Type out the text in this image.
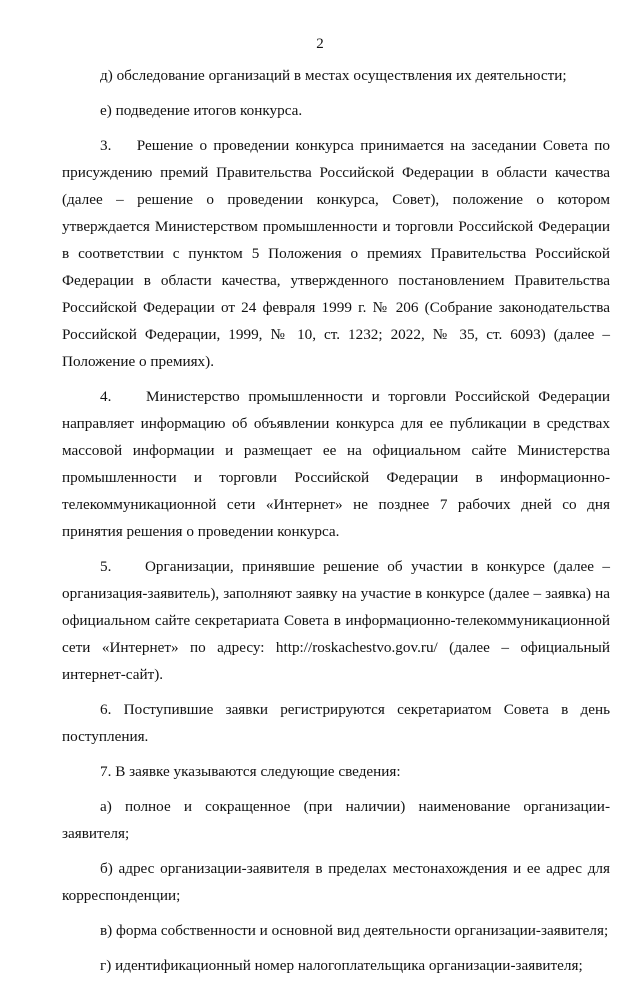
2

д) обследование организаций в местах осуществления их деятельности;

е) подведение итогов конкурса.

3.    Решение о проведении конкурса принимается на заседании Совета по присуждению премий Правительства Российской Федерации в области качества (далее – решение о проведении конкурса, Совет), положение о котором утверждается Министерством промышленности и торговли Российской Федерации в соответствии с пунктом 5 Положения о премиях Правительства Российской Федерации в области качества, утвержденного постановлением Правительства Российской Федерации от 24 февраля 1999 г. № 206 (Собрание законодательства Российской Федерации, 1999, № 10, ст. 1232; 2022, № 35, ст. 6093) (далее – Положение о премиях).

4.    Министерство промышленности и торговли Российской Федерации направляет информацию об объявлении конкурса для ее публикации в средствах массовой информации и размещает ее на официальном сайте Министерства промышленности и торговли Российской Федерации в информационно-телекоммуникационной сети «Интернет» не позднее 7 рабочих дней со дня принятия решения о проведении конкурса.

5.    Организации, принявшие решение об участии в конкурсе (далее – организация-заявитель), заполняют заявку на участие в конкурсе (далее – заявка) на официальном сайте секретариата Совета в информационно-телекоммуникационной сети «Интернет» по адресу: http://roskachestvo.gov.ru/ (далее – официальный интернет-сайт).

6. Поступившие заявки регистрируются секретариатом Совета в день поступления.

7. В заявке указываются следующие сведения:

а) полное и сокращенное (при наличии) наименование организации-заявителя;

б) адрес организации-заявителя в пределах местонахождения и ее адрес для корреспонденции;

в) форма собственности и основной вид деятельности организации-заявителя;

г) идентификационный номер налогоплательщика организации-заявителя;
